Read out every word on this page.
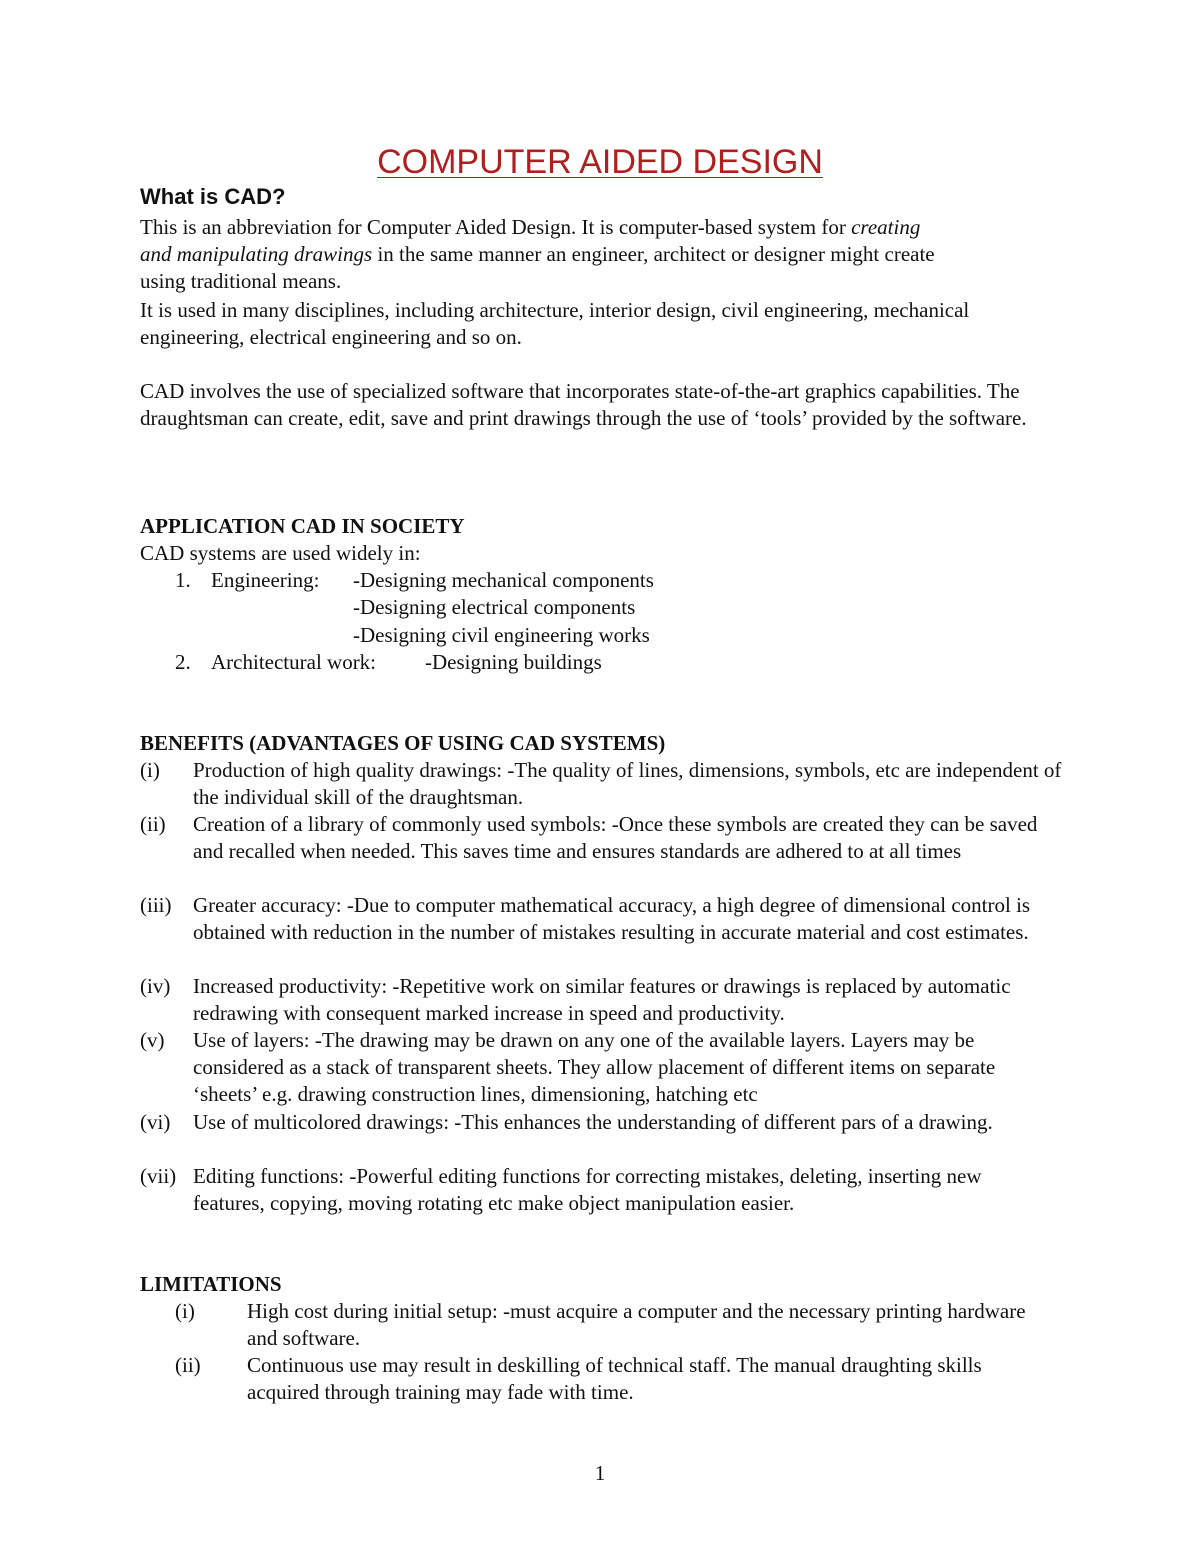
COMPUTER AIDED DESIGN
What is CAD?
This is an abbreviation for Computer Aided Design. It is computer-based system for creating
and manipulating drawings in the same manner an engineer, architect or designer might create
using traditional means.
It is used in many disciplines, including architecture, interior design, civil engineering, mechanical engineering, electrical engineering and so on.
CAD involves the use of specialized software that incorporates state-of-the-art graphics capabilities. The draughtsman can create, edit, save and print drawings through the use of ‘tools’ provided by the software.
APPLICATION CAD IN SOCIETY
CAD systems are used widely in:
1. Engineering: -Designing mechanical components
-Designing electrical components
-Designing civil engineering works
2. Architectural work: -Designing buildings
BENEFITS (ADVANTAGES OF USING CAD SYSTEMS)
(i) Production of high quality drawings: -The quality of lines, dimensions, symbols, etc are independent of the individual skill of the draughtsman.
(ii) Creation of a library of commonly used symbols: -Once these symbols are created they can be saved and recalled when needed. This saves time and ensures standards are adhered to at all times
(iii) Greater accuracy: -Due to computer mathematical accuracy, a high degree of dimensional control is obtained with reduction in the number of mistakes resulting in accurate material and cost estimates.
(iv) Increased productivity: -Repetitive work on similar features or drawings is replaced by automatic redrawing with consequent marked increase in speed and productivity.
(v) Use of layers: -The drawing may be drawn on any one of the available layers. Layers may be considered as a stack of transparent sheets. They allow placement of different items on separate ‘sheets’ e.g. drawing construction lines, dimensioning, hatching etc
(vi) Use of multicolored drawings: -This enhances the understanding of different pars of a drawing.
(vii) Editing functions: -Powerful editing functions for correcting mistakes, deleting, inserting new features, copying, moving rotating etc make object manipulation easier.
LIMITATIONS
(i) High cost during initial setup: -must acquire a computer and the necessary printing hardware and software.
(ii) Continuous use may result in deskilling of technical staff. The manual draughting skills acquired through training may fade with time.
1
